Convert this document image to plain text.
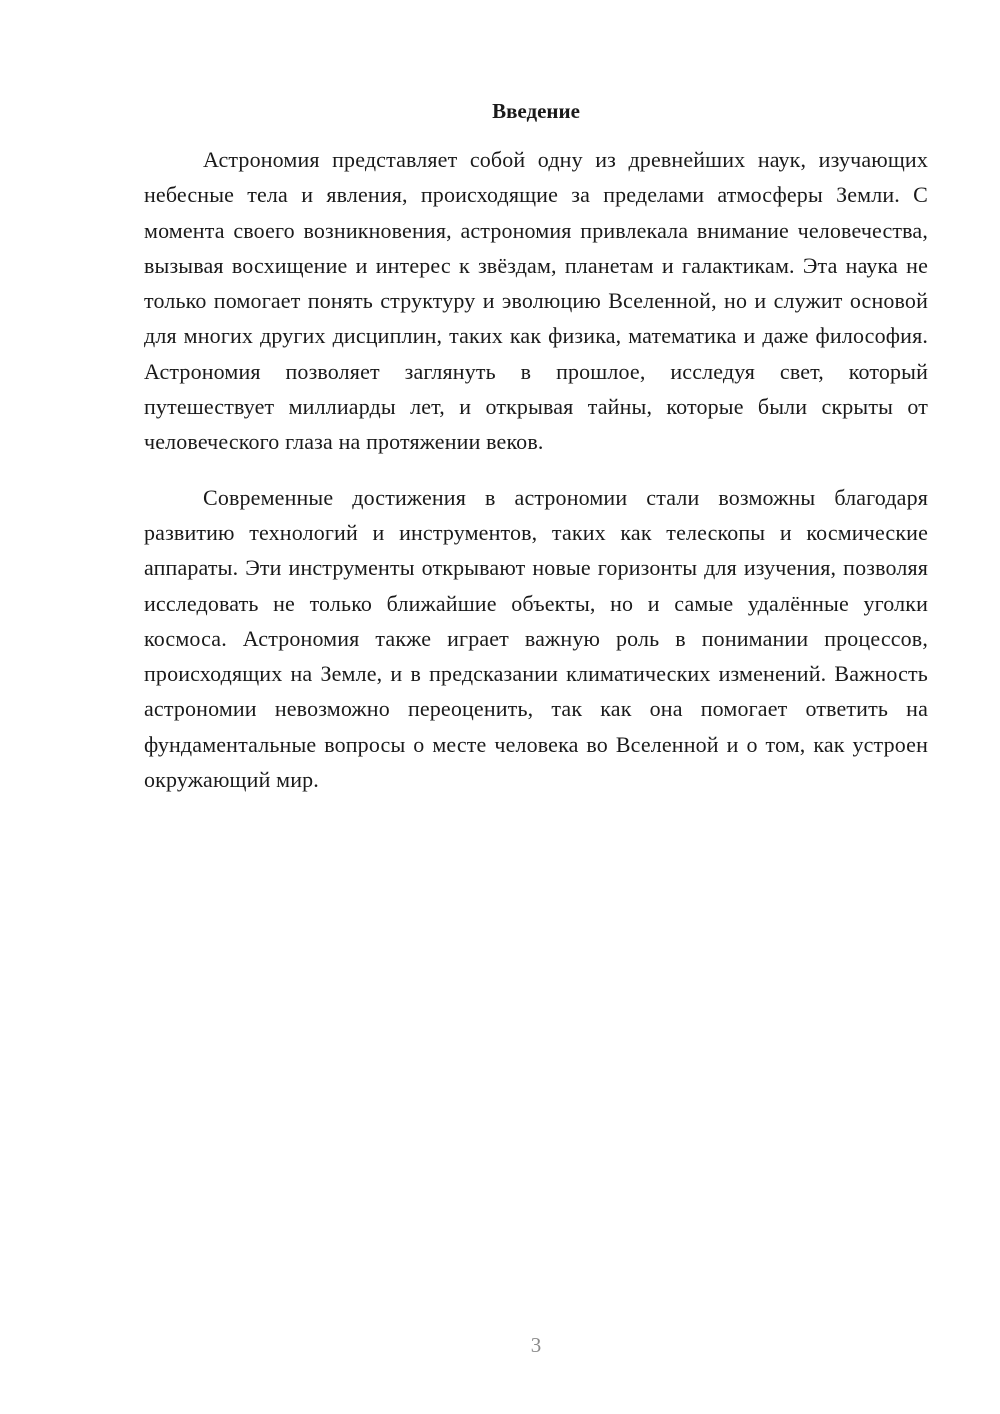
Введение

Астрономия представляет собой одну из древнейших наук, изучающих небесные тела и явления, происходящие за пределами атмосферы Земли. С момента своего возникновения, астрономия привлекала внимание человечества, вызывая восхищение и интерес к звёздам, планетам и галактикам. Эта наука не только помогает понять структуру и эволюцию Вселенной, но и служит основой для многих других дисциплин, таких как физика, математика и даже философия. Астрономия позволяет заглянуть в прошлое, исследуя свет, который путешествует миллиарды лет, и открывая тайны, которые были скрыты от человеческого глаза на протяжении веков.

Современные достижения в астрономии стали возможны благодаря развитию технологий и инструментов, таких как телескопы и космические аппараты. Эти инструменты открывают новые горизонты для изучения, позволяя исследовать не только ближайшие объекты, но и самые удалённые уголки космоса. Астрономия также играет важную роль в понимании процессов, происходящих на Земле, и в предсказании климатических изменений. Важность астрономии невозможно переоценить, так как она помогает ответить на фундаментальные вопросы о месте человека во Вселенной и о том, как устроен окружающий мир.

3
